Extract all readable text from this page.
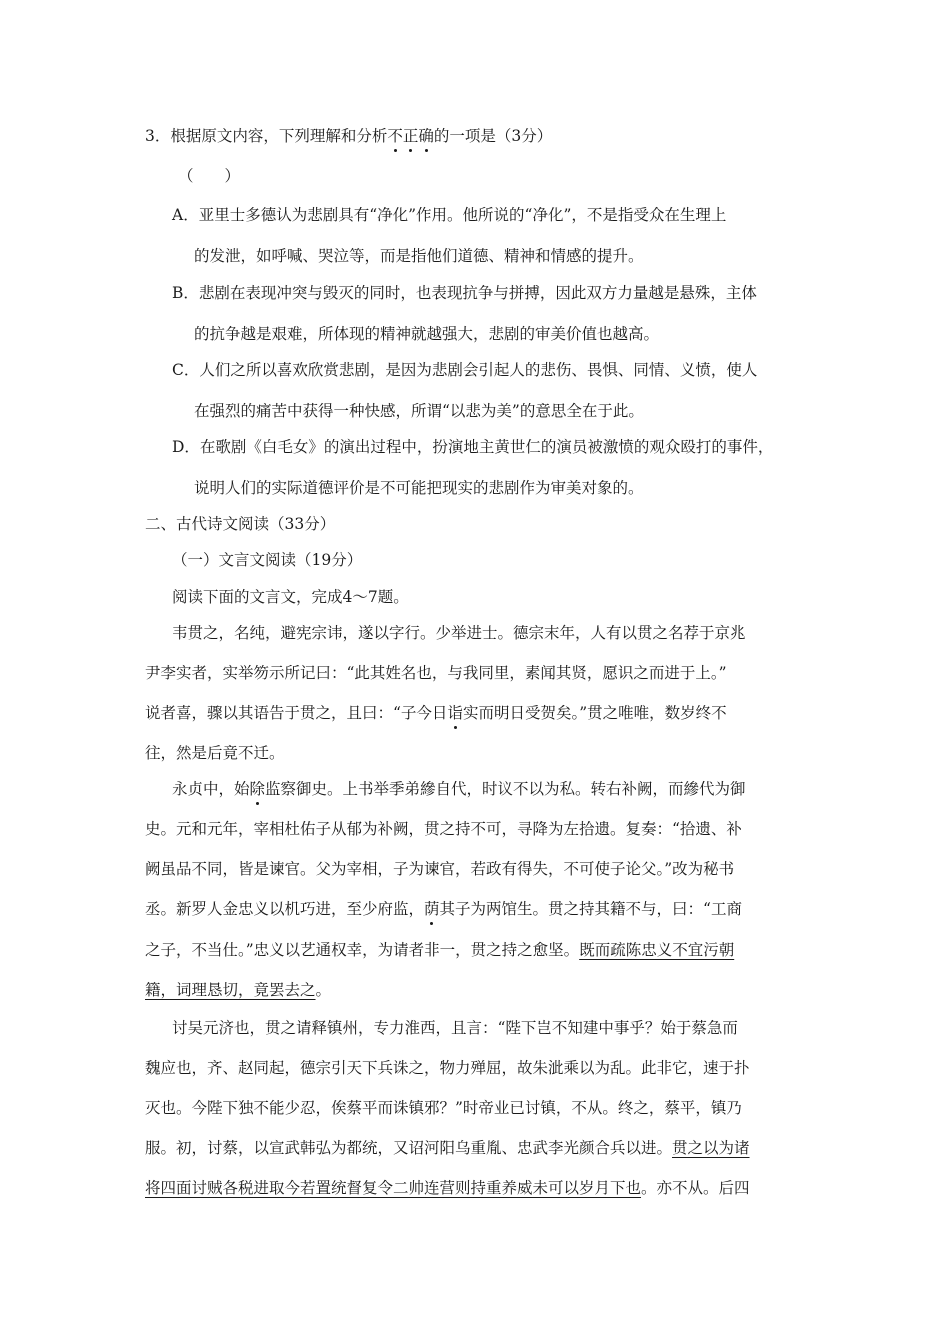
3．根据原文内容，下列理解和分析不正确的一项是（3分）
（　　）
A．亚里士多德认为悲剧具有“净化”作用。他所说的“净化”，不是指受众在生理上
的发泄，如呼喊、哭泣等，而是指他们道德、精神和情感的提升。
B．悲剧在表现冲突与毁灭的同时，也表现抗争与拼搏，因此双方力量越是悬殊，主体
的抗争越是艰难，所体现的精神就越强大，悲剧的审美价值也越高。
C．人们之所以喜欢欣赏悲剧，是因为悲剧会引起人的悲伤、畏惧、同情、义愤，使人
在强烈的痛苦中获得一种快感，所谓“以悲为美”的意思全在于此。
D．在歌剧《白毛女》的演出过程中，扮演地主黄世仁的演员被激愤的观众殴打的事件，
说明人们的实际道德评价是不可能把现实的悲剧作为审美对象的。
二、古代诗文阅读（33分）
（一）文言文阅读（19分）
阅读下面的文言文，完成4～7题。
韦贯之，名纯，避宪宗讳，遂以字行。少举进士。德宗末年，人有以贯之名荐于京兆
尹李实者，实举笏示所记曰：“此其姓名也，与我同里，素闻其贤，愿识之而进于上。”
说者喜，骤以其语告于贯之，且曰：“子今日诣实而明日受贺矣。”贯之唯唯，数岁终不
往，然是后竟不迁。
永贞中，始除监察御史。上书举季弟縿自代，时议不以为私。转右补阙，而縿代为御
史。元和元年，宰相杜佑子从郁为补阙，贯之持不可，寻降为左拾遗。复奏：“拾遗、补
阙虽品不同，皆是谏官。父为宰相，子为谏官，若政有得失，不可使子论父。”改为秘书
丞。新罗人金忠义以机巧进，至少府监，荫其子为两馆生。贯之持其籍不与，曰：“工商
之子，不当仕。”忠义以艺通权幸，为请者非一，贯之持之愈坚。既而疏陈忠义不宜污朝
籍，词理恳切，竟罢去之。
讨吴元济也，贯之请释镇州，专力淮西，且言：“陛下岂不知建中事乎？始于蔡急而
魏应也，齐、赵同起，德宗引天下兵诛之，物力殚屈，故朱泚乘以为乱。此非它，速于扑
灭也。今陛下独不能少忍，俟蔡平而诛镇邪？”时帝业已讨镇，不从。终之，蔡平，镇乃
服。初，讨蔡，以宣武韩弘为都统，又诏河阳乌重胤、忠武李光颜合兵以进。贯之以为诸
将四面讨贼各税进取今若置统督复令二帅连营则持重养威未可以岁月下也。亦不从。后四
